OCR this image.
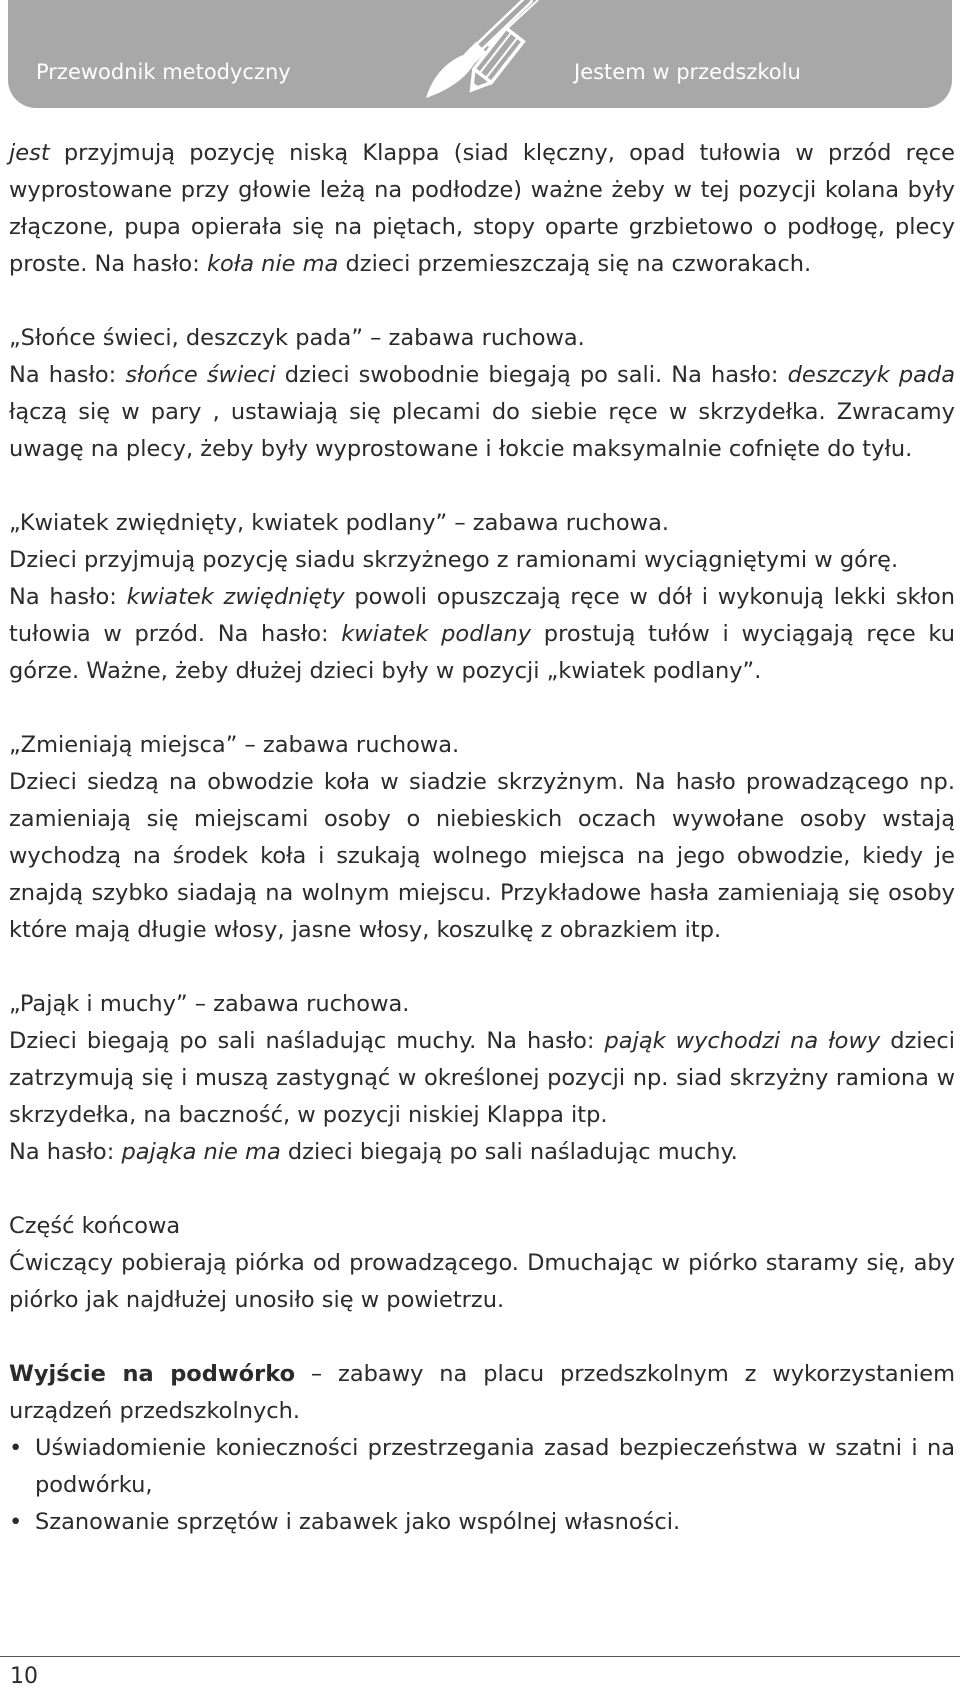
Przewodnik metodyczny	Jestem w przedszkolu

jest przyjmują pozycję niską Klappa (siad klęczny, opad tułowia w przód ręce wyprostowane przy głowie leżą na podłodze) ważne żeby w tej pozycji kolana były złączone, pupa opierała się na piętach, stopy oparte grzbietowo o podłogę, plecy proste. Na hasło: koła nie ma dzieci przemieszczają się na czworakach.

„Słońce świeci, deszczyk pada” – zabawa ruchowa.

Na hasło: słońce świeci dzieci swobodnie biegają po sali. Na hasło: deszczyk pada łączą się w pary , ustawiają się plecami do siebie ręce w skrzydełka. Zwracamy uwagę na plecy, żeby były wyprostowane i łokcie maksymalnie cofnięte do tyłu.

„Kwiatek zwiędnięty, kwiatek podlany” – zabawa ruchowa.

Dzieci przyjmują pozycję siadu skrzyżnego z ramionami wyciągniętymi w górę.

Na hasło: kwiatek zwiędnięty powoli opuszczają ręce w dół i wykonują lekki skłon tułowia w przód. Na hasło: kwiatek podlany prostują tułów i wyciągają ręce ku górze. Ważne, żeby dłużej dzieci były w pozycji „kwiatek podlany”.

„Zmieniają miejsca” – zabawa ruchowa.

Dzieci siedzą na obwodzie koła w siadzie skrzyżnym. Na hasło prowadzącego np. zamieniają się miejscami osoby o niebieskich oczach wywołane osoby wstają wychodzą na środek koła i szukają wolnego miejsca na jego obwodzie, kiedy je znajdą szybko siadają na wolnym miejscu. Przykładowe hasła zamieniają się osoby które mają długie włosy, jasne włosy, koszulkę z obrazkiem itp.

„Pająk i muchy” – zabawa ruchowa.

Dzieci biegają po sali naśladując muchy. Na hasło: pająk wychodzi na łowy dzieci zatrzymują się i muszą zastygnąć w określonej pozycji np. siad skrzyżny ramiona w skrzydełka, na baczność, w pozycji niskiej Klappa itp.

Na hasło: pająka nie ma dzieci biegają po sali naśladując muchy.

Część końcowa

Ćwiczący pobierają piórka od prowadzącego. Dmuchając w piórko staramy się, aby piórko jak najdłużej unosiło się w powietrzu.

Wyjście na podwórko – zabawy na placu przedszkolnym z wykorzystaniem urządzeń przedszkolnych.

• Uświadomienie konieczności przestrzegania zasad bezpieczeństwa w szatni i na podwórku,
• Szanowanie sprzętów i zabawek jako wspólnej własności.
10
